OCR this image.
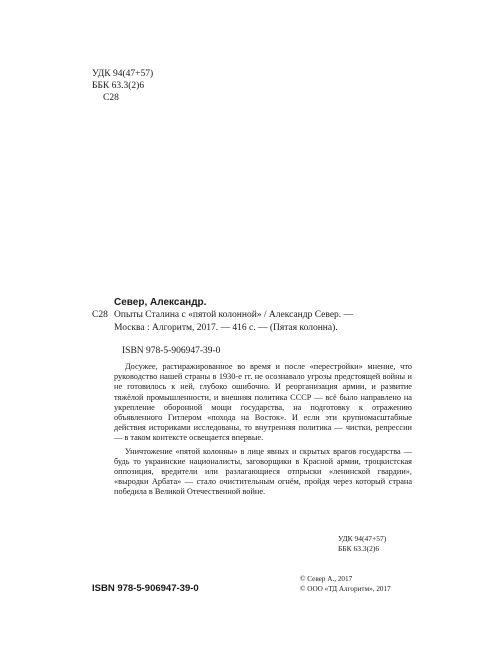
УДК 94(47+57)
ББК 63.3(2)6
С28
Север, Александр.
С28 Опыты Сталина с «пятой колонной» / Александр Север. —
Москва : Алгоритм, 2017. — 416 с. — (Пятая колонна).
ISBN 978-5-906947-39-0

Досужее, растиражированное во время и после «перестройки» мнение, что руководство нашей страны в 1930-е гг. не осознавало угрозы предстоящей войны и не готовилось к ней, глубоко ошибочно. И реорганизация армии, и развитие тяжёлой промышленности, и внешняя политика СССР — всё было направлено на укрепление оборонной мощи государства, на подготовку к отражению объявленного Гитлером «похода на Восток». И если эти крупномасштабные действия историками исследованы, то внутренняя политика — чистки, репрессии — в таком контексте освещается впервые.

Уничтожение «пятой колонны» в лице явных и скрытых врагов государства — будь то украинские националисты, заговорщики в Красной армии, троцкистская оппозиция, вредители или разлагающиеся отпрыски «ленинской гвардии», «выродки Арбата» — стало очистительным огнём, пройдя через который страна победила в Великой Отечественной войне.

УДК 94(47+57)
ББК 63.3(2)6
ISBN 978-5-906947-39-0
© Север А., 2017
© ООО «ТД Алгоритм», 2017
